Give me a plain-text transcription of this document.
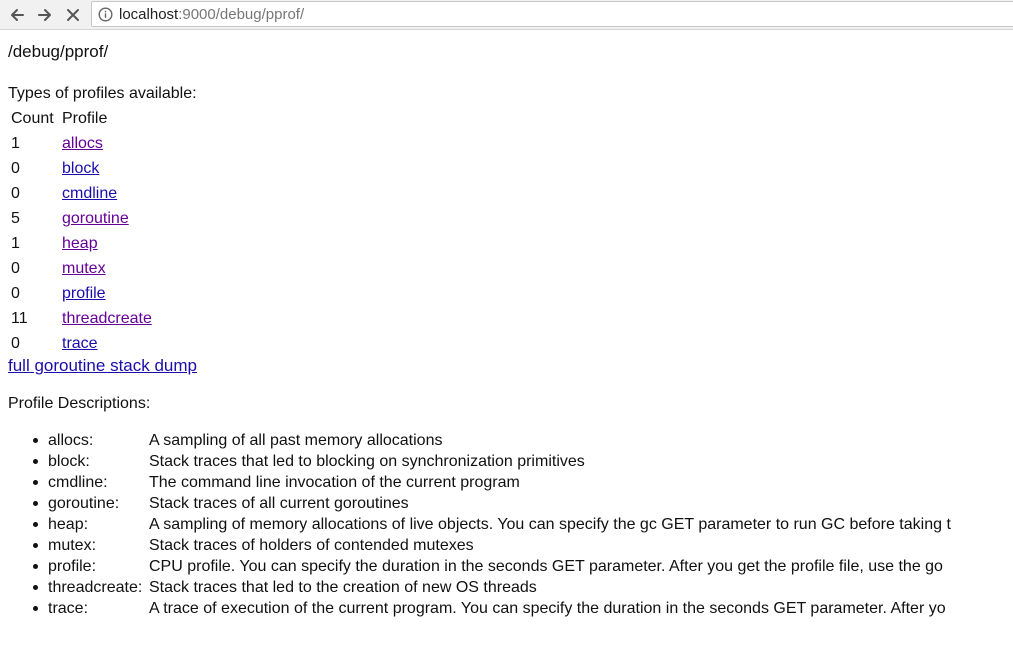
localhost:9000/debug/pprof/
/debug/pprof/
Types of profiles available:
Count	Profile
1	allocs
0	block
0	cmdline
5	goroutine
1	heap
0	mutex
0	profile
11	threadcreate
0	trace
full goroutine stack dump
Profile Descriptions:
allocs:	A sampling of all past memory allocations
block:	Stack traces that led to blocking on synchronization primitives
cmdline:	The command line invocation of the current program
goroutine: Stack traces of all current goroutines
heap:	A sampling of memory allocations of live objects. You can specify the gc GET parameter to run GC before taking t
mutex:	Stack traces of holders of contended mutexes
profile:	CPU profile. You can specify the duration in the seconds GET parameter. After you get the profile file, use the go
threadcreate: Stack traces that led to the creation of new OS threads
trace:	A trace of execution of the current program. You can specify the duration in the seconds GET parameter. After yo
